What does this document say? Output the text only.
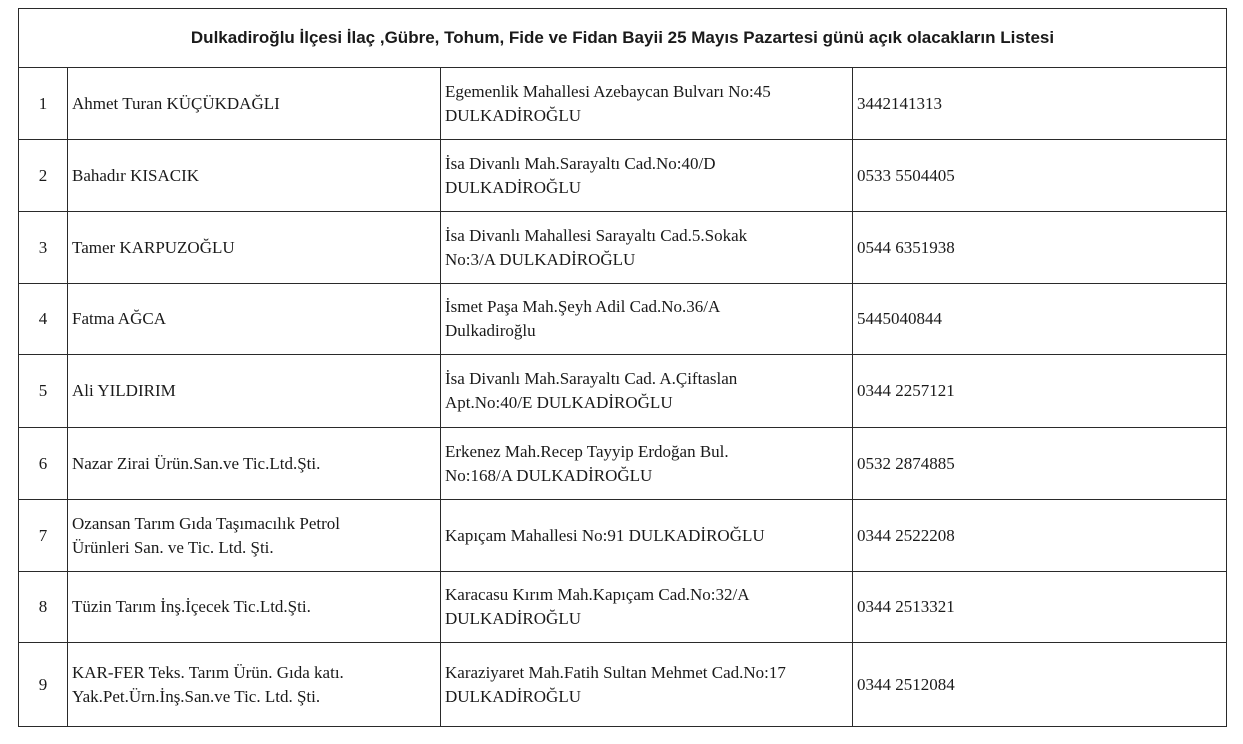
Dulkadiroğlu İlçesi İlaç ,Gübre, Tohum, Fide ve Fidan Bayii 25 Mayıs Pazartesi günü açık olacakların Listesi			
1	Ahmet Turan KÜÇÜKDAĞLI	Egemenlik Mahallesi Azebaycan Bulvarı No:45
DULKADİROĞLU	3442141313
2	Bahadır KISACIK	İsa Divanlı Mah.Sarayaltı Cad.No:40/D
DULKADİROĞLU	0533 5504405
3	Tamer KARPUZOĞLU	İsa Divanlı Mahallesi Sarayaltı Cad.5.Sokak
No:3/A DULKADİROĞLU	0544 6351938
4	Fatma AĞCA	İsmet Paşa Mah.Şeyh Adil Cad.No.36/A
Dulkadiroğlu	5445040844
5	Ali YILDIRIM	İsa Divanlı Mah.Sarayaltı Cad. A.Çiftaslan
Apt.No:40/E DULKADİROĞLU	0344 2257121
6	Nazar Zirai Ürün.San.ve Tic.Ltd.Şti.	Erkenez Mah.Recep Tayyip Erdoğan Bul.
No:168/A DULKADİROĞLU	0532 2874885
7	Ozansan Tarım Gıda Taşımacılık Petrol
Ürünleri San. ve Tic. Ltd. Şti.	Kapıçam Mahallesi No:91 DULKADİROĞLU	0344 2522208
8	Tüzin Tarım İnş.İçecek Tic.Ltd.Şti.	Karacasu Kırım Mah.Kapıçam Cad.No:32/A
DULKADİROĞLU	0344 2513321
9	KAR-FER Teks. Tarım Ürün. Gıda katı.
Yak.Pet.Ürn.İnş.San.ve Tic. Ltd. Şti.	Karaziyaret Mah.Fatih Sultan Mehmet Cad.No:17
DULKADİROĞLU	0344 2512084
